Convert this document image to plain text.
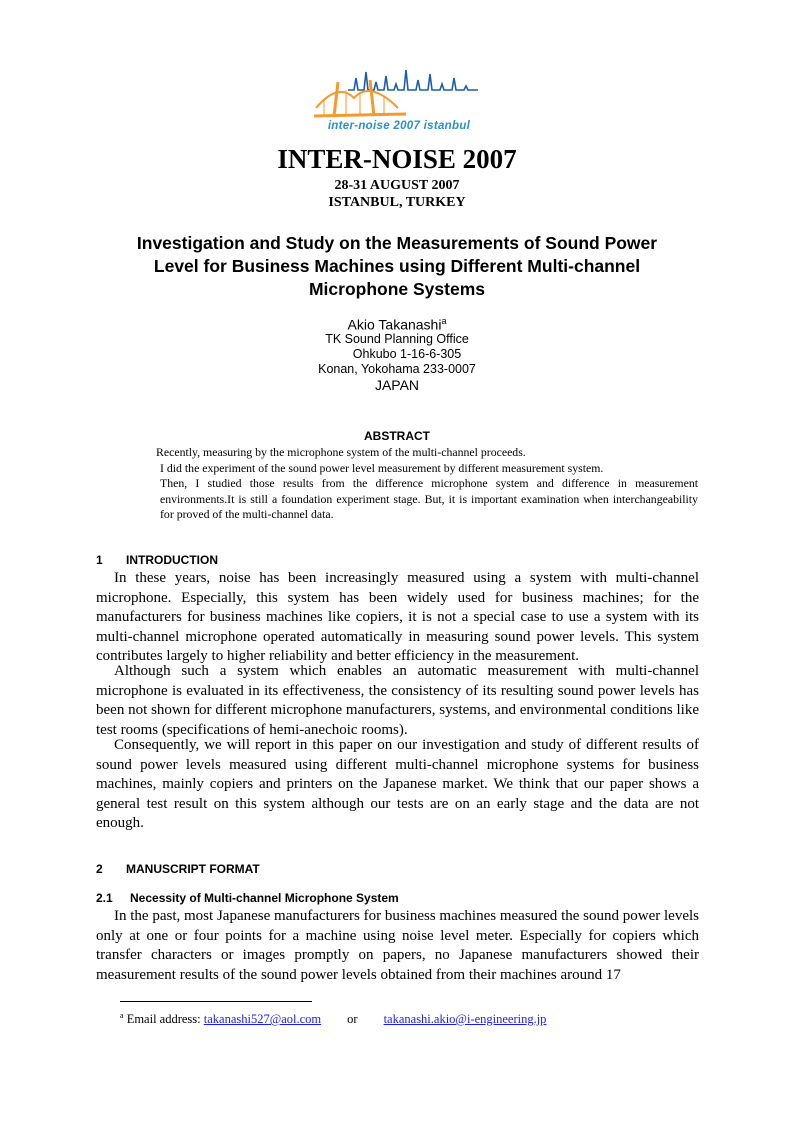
inter-noise 2007 istanbul
INTER-NOISE 2007
28-31 AUGUST 2007
ISTANBUL, TURKEY
Investigation and Study on the Measurements of Sound Power
Level for Business Machines using Different Multi-channel
Microphone Systems
Akio Takanashi$^a$
TK Sound Planning Office
Ohkubo 1-16-6-305
Konan, Yokohama 233-0007
JAPAN
ABSTRACT
Recently, measuring by the microphone system of the multi-channel proceeds.
I did the experiment of the sound power level measurement by different measurement system.
Then, I studied those results from the difference microphone system and difference in measurement environments.It is still a foundation experiment stage. But, it is important examination when interchangeability for proved of the multi-channel data.
1 INTRODUCTION
In these years, noise has been increasingly measured using a system with multi-channel microphone. Especially, this system has been widely used for business machines; for the manufacturers for business machines like copiers, it is not a special case to use a system with its multi-channel microphone operated automatically in measuring sound power levels. This system contributes largely to higher reliability and better efficiency in the measurement.
Although such a system which enables an automatic measurement with multi-channel microphone is evaluated in its effectiveness, the consistency of its resulting sound power levels has been not shown for different microphone manufacturers, systems, and environmental conditions like test rooms (specifications of hemi-anechoic rooms).
Consequently, we will report in this paper on our investigation and study of different results of sound power levels measured using different multi-channel microphone systems for business machines, mainly copiers and printers on the Japanese market. We think that our paper shows a general test result on this system although our tests are on an early stage and the data are not enough.
2 MANUSCRIPT FORMAT
2.1 Necessity of Multi-channel Microphone System
In the past, most Japanese manufacturers for business machines measured the sound power levels only at one or four points for a machine using noise level meter. Especially for copiers which transfer characters or images promptly on papers, no Japanese manufacturers showed their measurement results of the sound power levels obtained from their machines around 17
$^a$ Email address: takanashi527@aol.com or takanashi.akio@i-engineering.jp
